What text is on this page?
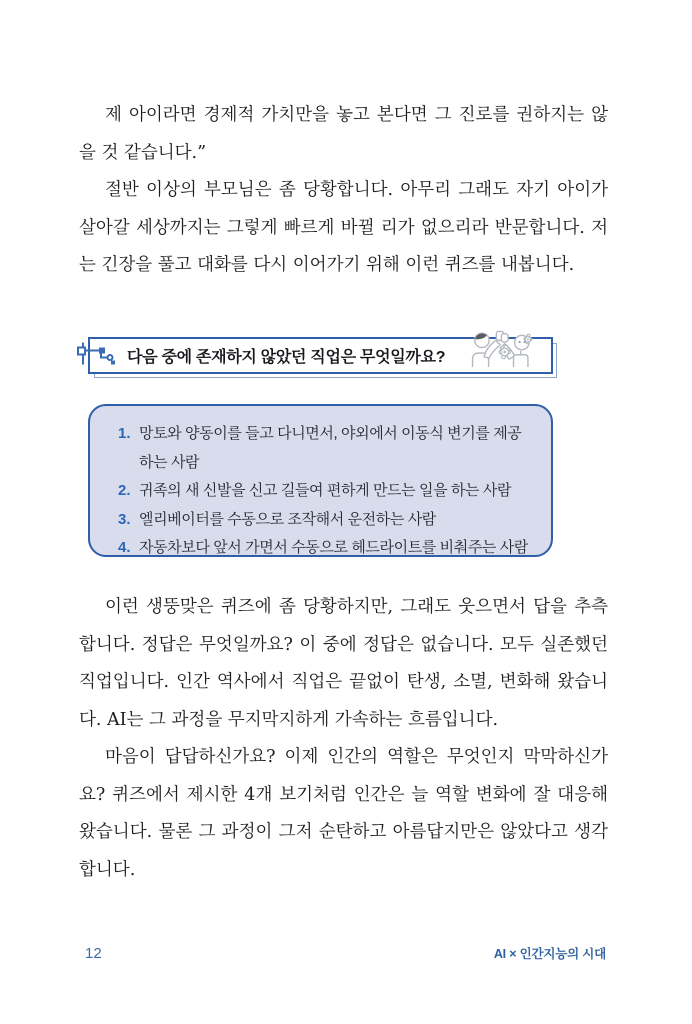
제 아이라면 경제적 가치만을 놓고 본다면 그 진로를 권하지는 않을 것 같습니다.”

절반 이상의 부모님은 좀 당황합니다. 아무리 그래도 자기 아이가 살아갈 세상까지는 그렇게 빠르게 바뀔 리가 없으리라 반문합니다. 저는 긴장을 풀고 대화를 다시 이어가기 위해 이런 퀴즈를 내봅니다.

다음 중에 존재하지 않았던 직업은 무엇일까요?
1. 망토와 양동이를 들고 다니면서, 야외에서 이동식 변기를 제공하는 사람
2. 귀족의 새 신발을 신고 길들여 편하게 만드는 일을 하는 사람
3. 엘리베이터를 수동으로 조작해서 운전하는 사람
4. 자동차보다 앞서 가면서 수동으로 헤드라이트를 비춰주는 사람

이런 생뚱맞은 퀴즈에 좀 당황하지만, 그래도 웃으면서 답을 추측합니다. 정답은 무엇일까요? 이 중에 정답은 없습니다. 모두 실존했던 직업입니다. 인간 역사에서 직업은 끝없이 탄생, 소멸, 변화해 왔습니다. AI는 그 과정을 무지막지하게 가속하는 흐름입니다.

마음이 답답하신가요? 이제 인간의 역할은 무엇인지 막막하신가요? 퀴즈에서 제시한 4개 보기처럼 인간은 늘 역할 변화에 잘 대응해 왔습니다. 물론 그 과정이 그저 순탄하고 아름답지만은 않았다고 생각합니다.

12	AI × 인간지능의 시대
